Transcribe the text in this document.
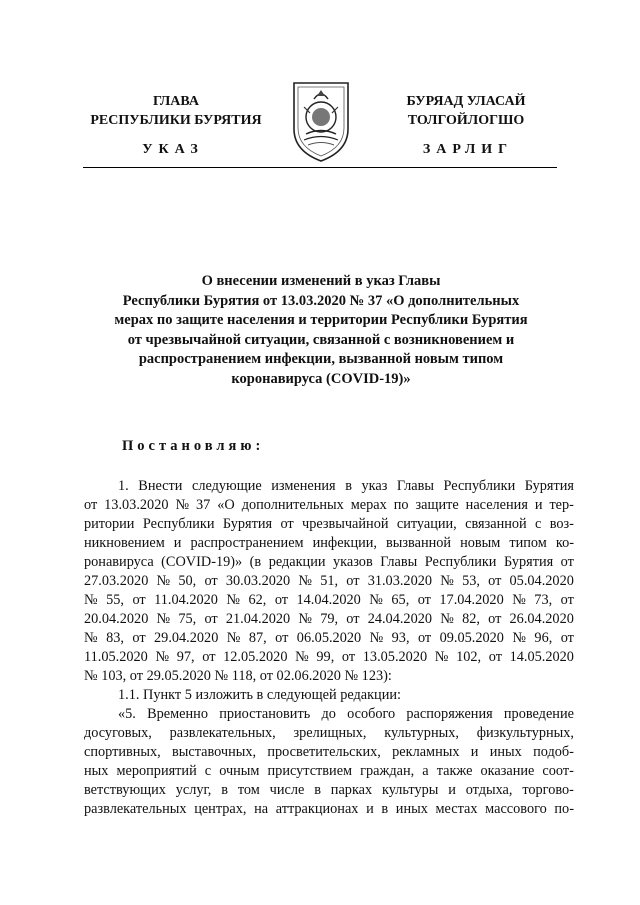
ГЛАВА
РЕСПУБЛИКИ БУРЯТИЯ
БУРЯАД УЛАСАЙ
ТОЛГОЙЛОГШО
УКАЗ	ЗАРЛИГ
О внесении изменений в указ Главы
Республики Бурятия от 13.03.2020 № 37 «О дополнительных
мерах по защите населения и территории Республики Бурятия
от чрезвычайной ситуации, связанной с возникновением и
распространением инфекции, вызванной новым типом
коронавируса (COVID-19)»
Постановляю:
1. Внести следующие изменения в указ Главы Республики Бурятия
от 13.03.2020 № 37 «О дополнительных мерах по защите населения и тер-
ритории Республики Бурятия от чрезвычайной ситуации, связанной с воз-
никновением и распространением инфекции, вызванной новым типом ко-
ронавируса (COVID-19)» (в редакции указов Главы Республики Бурятия от
27.03.2020 № 50, от 30.03.2020 № 51, от 31.03.2020 № 53, от 05.04.2020
№ 55, от 11.04.2020 № 62, от 14.04.2020 № 65, от 17.04.2020 № 73, от
20.04.2020 № 75, от 21.04.2020 № 79, от 24.04.2020 № 82, от 26.04.2020
№ 83, от 29.04.2020 № 87, от 06.05.2020 № 93, от 09.05.2020 № 96, от
11.05.2020 № 97, от 12.05.2020 № 99, от 13.05.2020 № 102, от 14.05.2020
№ 103, от 29.05.2020 № 118, от 02.06.2020 № 123):
1.1. Пункт 5 изложить в следующей редакции:
«5. Временно приостановить до особого распоряжения проведение
досуговых, развлекательных, зрелищных, культурных, физкультурных,
спортивных, выставочных, просветительских, рекламных и иных подоб-
ных мероприятий с очным присутствием граждан, а также оказание соот-
ветствующих услуг, в том числе в парках культуры и отдыха, торгово-
развлекательных центрах, на аттракционах и в иных местах массового по-
